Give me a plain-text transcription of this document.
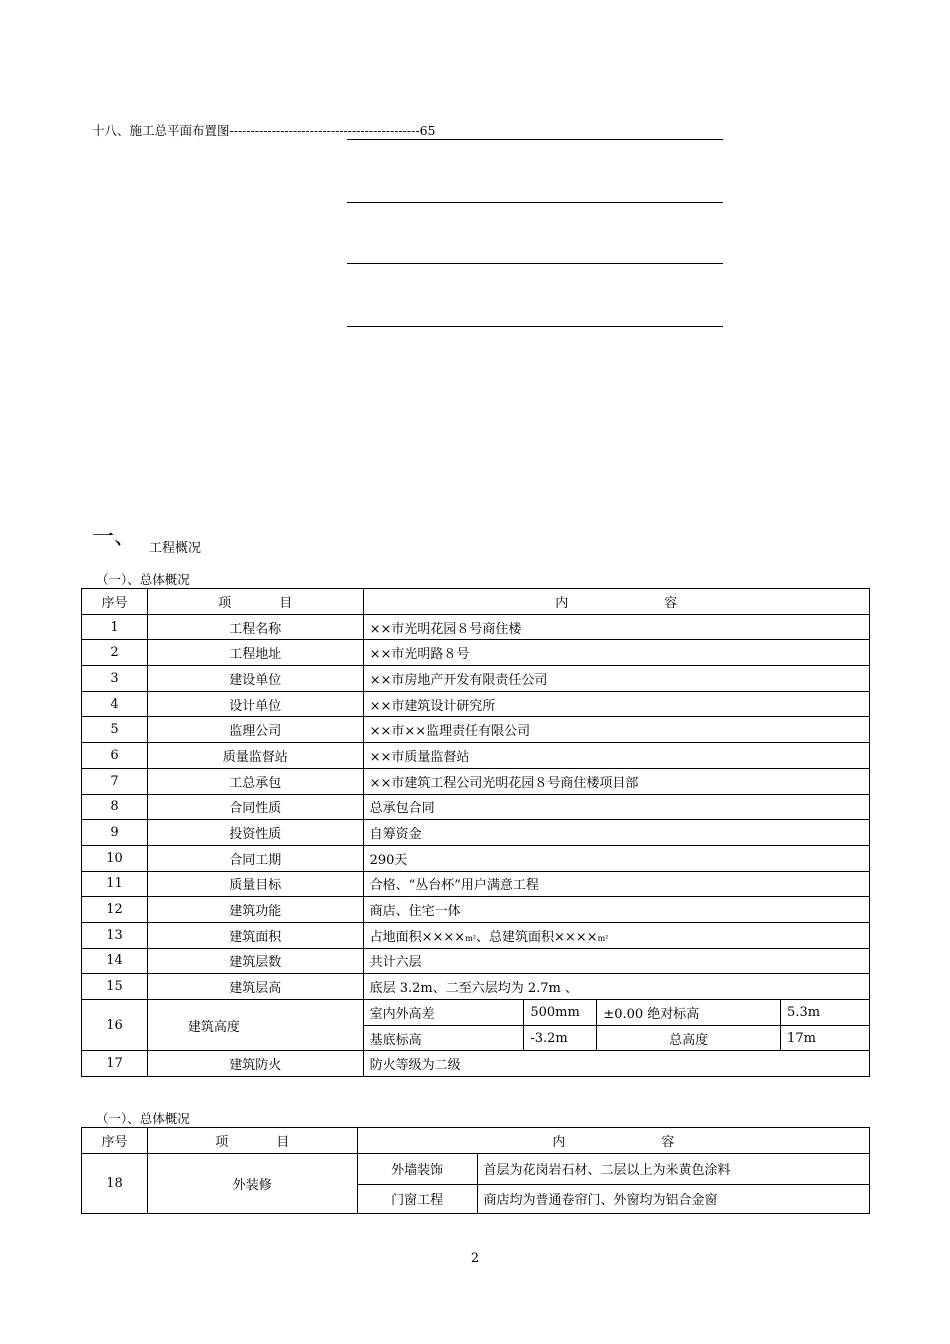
十八、施工总平面布置图---------------------------------------------65
一、 工程概况
（一）、总体概况
序号	项 目	内 容			
1	工程名称	××市光明花园８号商住楼			
2	工程地址	××市光明路８号			
3	建设单位	××市房地产开发有限责任公司			
4	设计单位	××市建筑设计研究所			
5	监理公司	××市××监理责任有限公司			
6	质量监督站	××市质量监督站			
7	工总承包	××市建筑工程公司光明花园８号商住楼项目部			
8	合同性质	总承包合同			
9	投资性质	自筹资金			
10	合同工期	290天			
11	质量目标	合格、“丛台杯”用户满意工程			
12	建筑功能	商店、住宅一体			
13	建筑面积	占地面积××××m²、总建筑面积××××m²			
14	建筑层数	共计六层			
15	建筑层高	底层 3.2m、二至六层均为 2.7m 、			
16	建筑高度	室内外高差	500mm	±0.00 绝对标高	5.3m
		基底标高	-3.2m	总高度	17m
17	建筑防火	防火等级为二级			
（一）、总体概况
序号	项 目	内 容	
18	外装修	外墙装饰	首层为花岗岩石材、二层以上为米黄色涂料
		门窗工程	商店均为普通卷帘门、外窗均为铝合金窗
2
